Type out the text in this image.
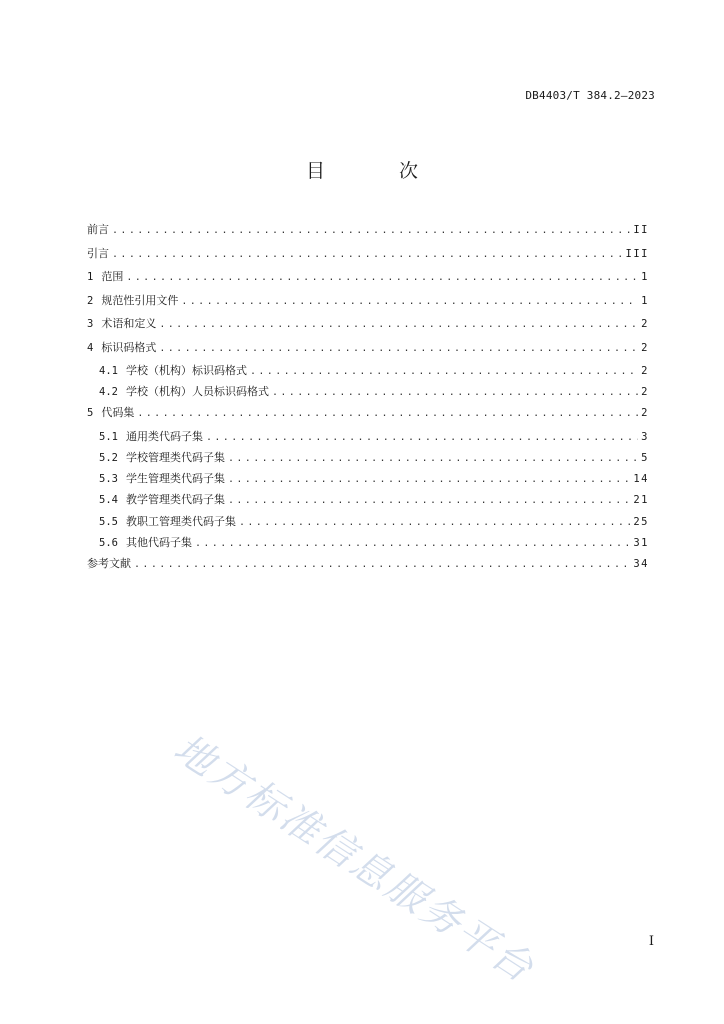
DB4403/T 384.2—2023
目 次
前言 .....	II
引言 .....	III
1 范围 .....	1
2 规范性引用文件 .....	1
3 术语和定义 .....	2
4 标识码格式 .....	2
4.1 学校（机构）标识码格式 .....	2
4.2 学校（机构）人员标识码格式 .....	2
5 代码集 .....	2
5.1 通用类代码子集 .....	3
5.2 学校管理类代码子集 .....	5
5.3 学生管理类代码子集 .....	14
5.4 教学管理类代码子集 .....	21
5.5 教职工管理类代码子集 .....	25
5.6 其他代码子集 .....	31
参考文献 .....	34
地方标准信息服务平台	I
